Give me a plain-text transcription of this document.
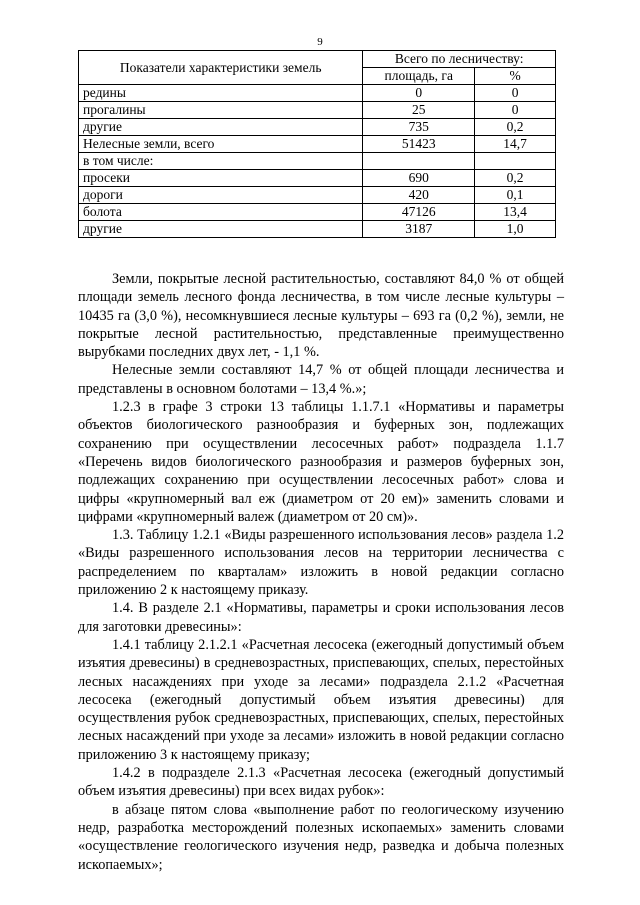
9
Показатели характеристики земель	Всего по лесничеству:	
	площадь, га	%
редины	0	0
прогалины	25	0
другие	735	0,2
Нелесные земли, всего	51423	14,7
в том числе:		
просеки	690	0,2
дороги	420	0,1
болота	47126	13,4
другие	3187	1,0

Земли, покрытые лесной растительностью, составляют 84,0 % от общей площади земель лесного фонда лесничества, в том числе лесные культуры – 10435 га (3,0 %), несомкнувшиеся лесные культуры – 693 га (0,2 %), земли, не покрытые лесной растительностью, представленные преимущественно вырубками последних двух лет, - 1,1 %.

Нелесные земли составляют 14,7 % от общей площади лесничества и представлены в основном болотами – 13,4 %.»;

1.2.3 в графе 3 строки 13 таблицы 1.1.7.1 «Нормативы и параметры объектов биологического разнообразия и буферных зон, подлежащих сохранению при осуществлении лесосечных работ» подраздела 1.1.7 «Перечень видов биологического разнообразия и размеров буферных зон, подлежащих сохранению при осуществлении лесосечных работ» слова и цифры «крупномерный вал еж (диаметром от 20 ем)» заменить словами и цифрами «крупномерный валеж (диаметром от 20 см)».

1.3. Таблицу 1.2.1 «Виды разрешенного использования лесов» раздела 1.2 «Виды разрешенного использования лесов на территории лесничества с распределением по кварталам» изложить в новой редакции согласно приложению 2 к настоящему приказу.

1.4. В разделе 2.1 «Нормативы, параметры и сроки использования лесов для заготовки древесины»:

1.4.1 таблицу 2.1.2.1 «Расчетная лесосека (ежегодный допустимый объем изъятия древесины) в средневозрастных, приспевающих, спелых, перестойных лесных насаждениях при уходе за лесами» подраздела 2.1.2 «Расчетная лесосека (ежегодный допустимый объем изъятия древесины) для осуществления рубок средневозрастных, приспевающих, спелых, перестойных лесных насаждений при уходе за лесами» изложить в новой редакции согласно приложению 3 к настоящему приказу;

1.4.2 в подразделе 2.1.3 «Расчетная лесосека (ежегодный допустимый объем изъятия древесины) при всех видах рубок»:

в абзаце пятом слова «выполнение работ по геологическому изучению недр, разработка месторождений полезных ископаемых» заменить словами «осуществление геологического изучения недр, разведка и добыча полезных ископаемых»;
